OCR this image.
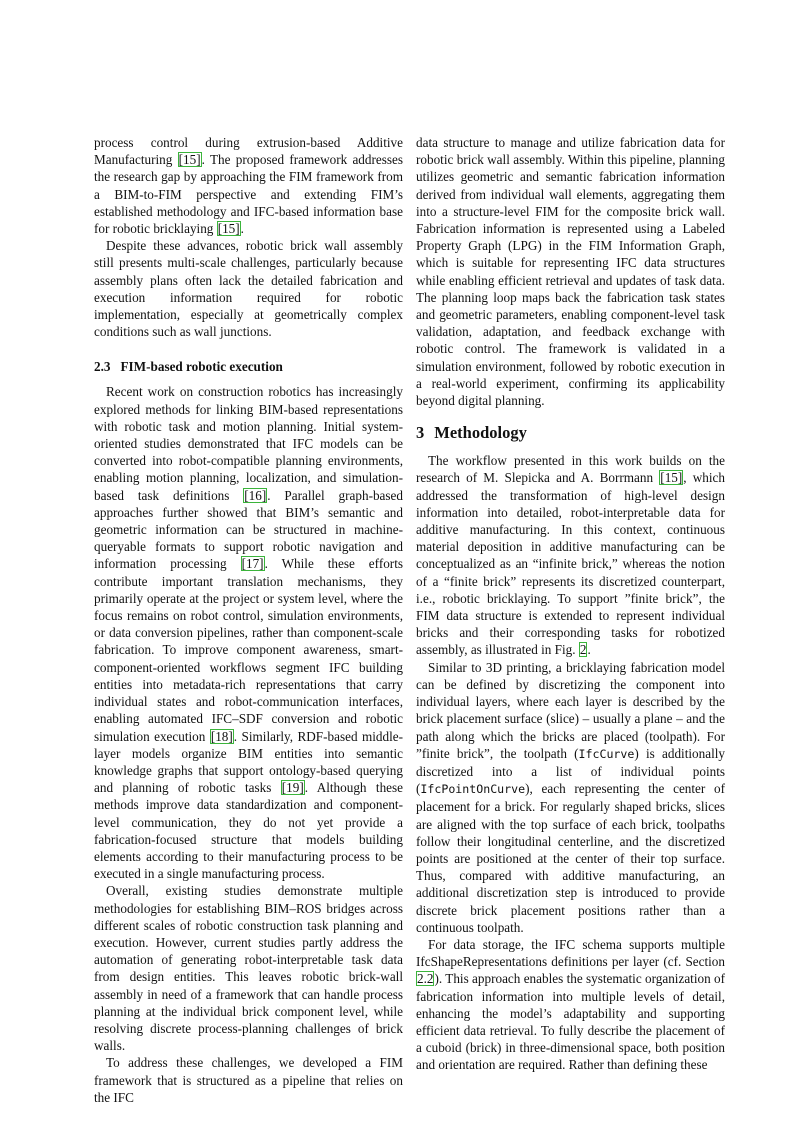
process control during extrusion-based Additive Manufacturing [15]. The proposed framework addresses the research gap by approaching the FIM framework from a BIM-to-FIM perspective and extending FIM’s established methodology and IFC-based information base for robotic bricklaying [15].

Despite these advances, robotic brick wall assembly still presents multi-scale challenges, particularly because assembly plans often lack the detailed fabrication and execution information required for robotic implementation, especially at geometrically complex conditions such as wall junctions.

2.3 FIM-based robotic execution

Recent work on construction robotics has increasingly explored methods for linking BIM-based representations with robotic task and motion planning. Initial system-oriented studies demonstrated that IFC models can be converted into robot-compatible planning environments, enabling motion planning, localization, and simulation-based task definitions [16]. Parallel graph-based approaches further showed that BIM’s semantic and geometric information can be structured in machine-queryable formats to support robotic navigation and information processing [17]. While these efforts contribute important translation mechanisms, they primarily operate at the project or system level, where the focus remains on robot control, simulation environments, or data conversion pipelines, rather than component-scale fabrication. To improve component awareness, smart-component-oriented workflows segment IFC building entities into metadata-rich representations that carry individual states and robot-communication interfaces, enabling automated IFC–SDF conversion and robotic simulation execution [18]. Similarly, RDF-based middle-layer models organize BIM entities into semantic knowledge graphs that support ontology-based querying and planning of robotic tasks [19]. Although these methods improve data standardization and component-level communication, they do not yet provide a fabrication-focused structure that models building elements according to their manufacturing process to be executed in a single manufacturing process.

Overall, existing studies demonstrate multiple methodologies for establishing BIM–ROS bridges across different scales of robotic construction task planning and execution. However, current studies partly address the automation of generating robot-interpretable task data from design entities. This leaves robotic brick-wall assembly in need of a framework that can handle process planning at the individual brick component level, while resolving discrete process-planning challenges of brick walls.

To address these challenges, we developed a FIM framework that is structured as a pipeline that relies on the IFC

data structure to manage and utilize fabrication data for robotic brick wall assembly. Within this pipeline, planning utilizes geometric and semantic fabrication information derived from individual wall elements, aggregating them into a structure-level FIM for the composite brick wall. Fabrication information is represented using a Labeled Property Graph (LPG) in the FIM Information Graph, which is suitable for representing IFC data structures while enabling efficient retrieval and updates of task data. The planning loop maps back the fabrication task states and geometric parameters, enabling component-level task validation, adaptation, and feedback exchange with robotic control. The framework is validated in a simulation environment, followed by robotic execution in a real-world experiment, confirming its applicability beyond digital planning.

3 Methodology

The workflow presented in this work builds on the research of M. Slepicka and A. Borrmann [15], which addressed the transformation of high-level design information into detailed, robot-interpretable data for additive manufacturing. In this context, continuous material deposition in additive manufacturing can be conceptualized as an “infinite brick,” whereas the notion of a “finite brick” represents its discretized counterpart, i.e., robotic bricklaying. To support ”finite brick”, the FIM data structure is extended to represent individual bricks and their corresponding tasks for robotized assembly, as illustrated in Fig. 2.

Similar to 3D printing, a bricklaying fabrication model can be defined by discretizing the component into individual layers, where each layer is described by the brick placement surface (slice) – usually a plane – and the path along which the bricks are placed (toolpath). For ”finite brick”, the toolpath (IfcCurve) is additionally discretized into a list of individual points (IfcPointOnCurve), each representing the center of placement for a brick. For regularly shaped bricks, slices are aligned with the top surface of each brick, toolpaths follow their longitudinal centerline, and the discretized points are positioned at the center of their top surface. Thus, compared with additive manufacturing, an additional discretization step is introduced to provide discrete brick placement positions rather than a continuous toolpath.

For data storage, the IFC schema supports multiple IfcShapeRepresentations definitions per layer (cf. Section 2.2). This approach enables the systematic organization of fabrication information into multiple levels of detail, enhancing the model’s adaptability and supporting efficient data retrieval. To fully describe the placement of a cuboid (brick) in three-dimensional space, both position and orientation are required. Rather than defining these
